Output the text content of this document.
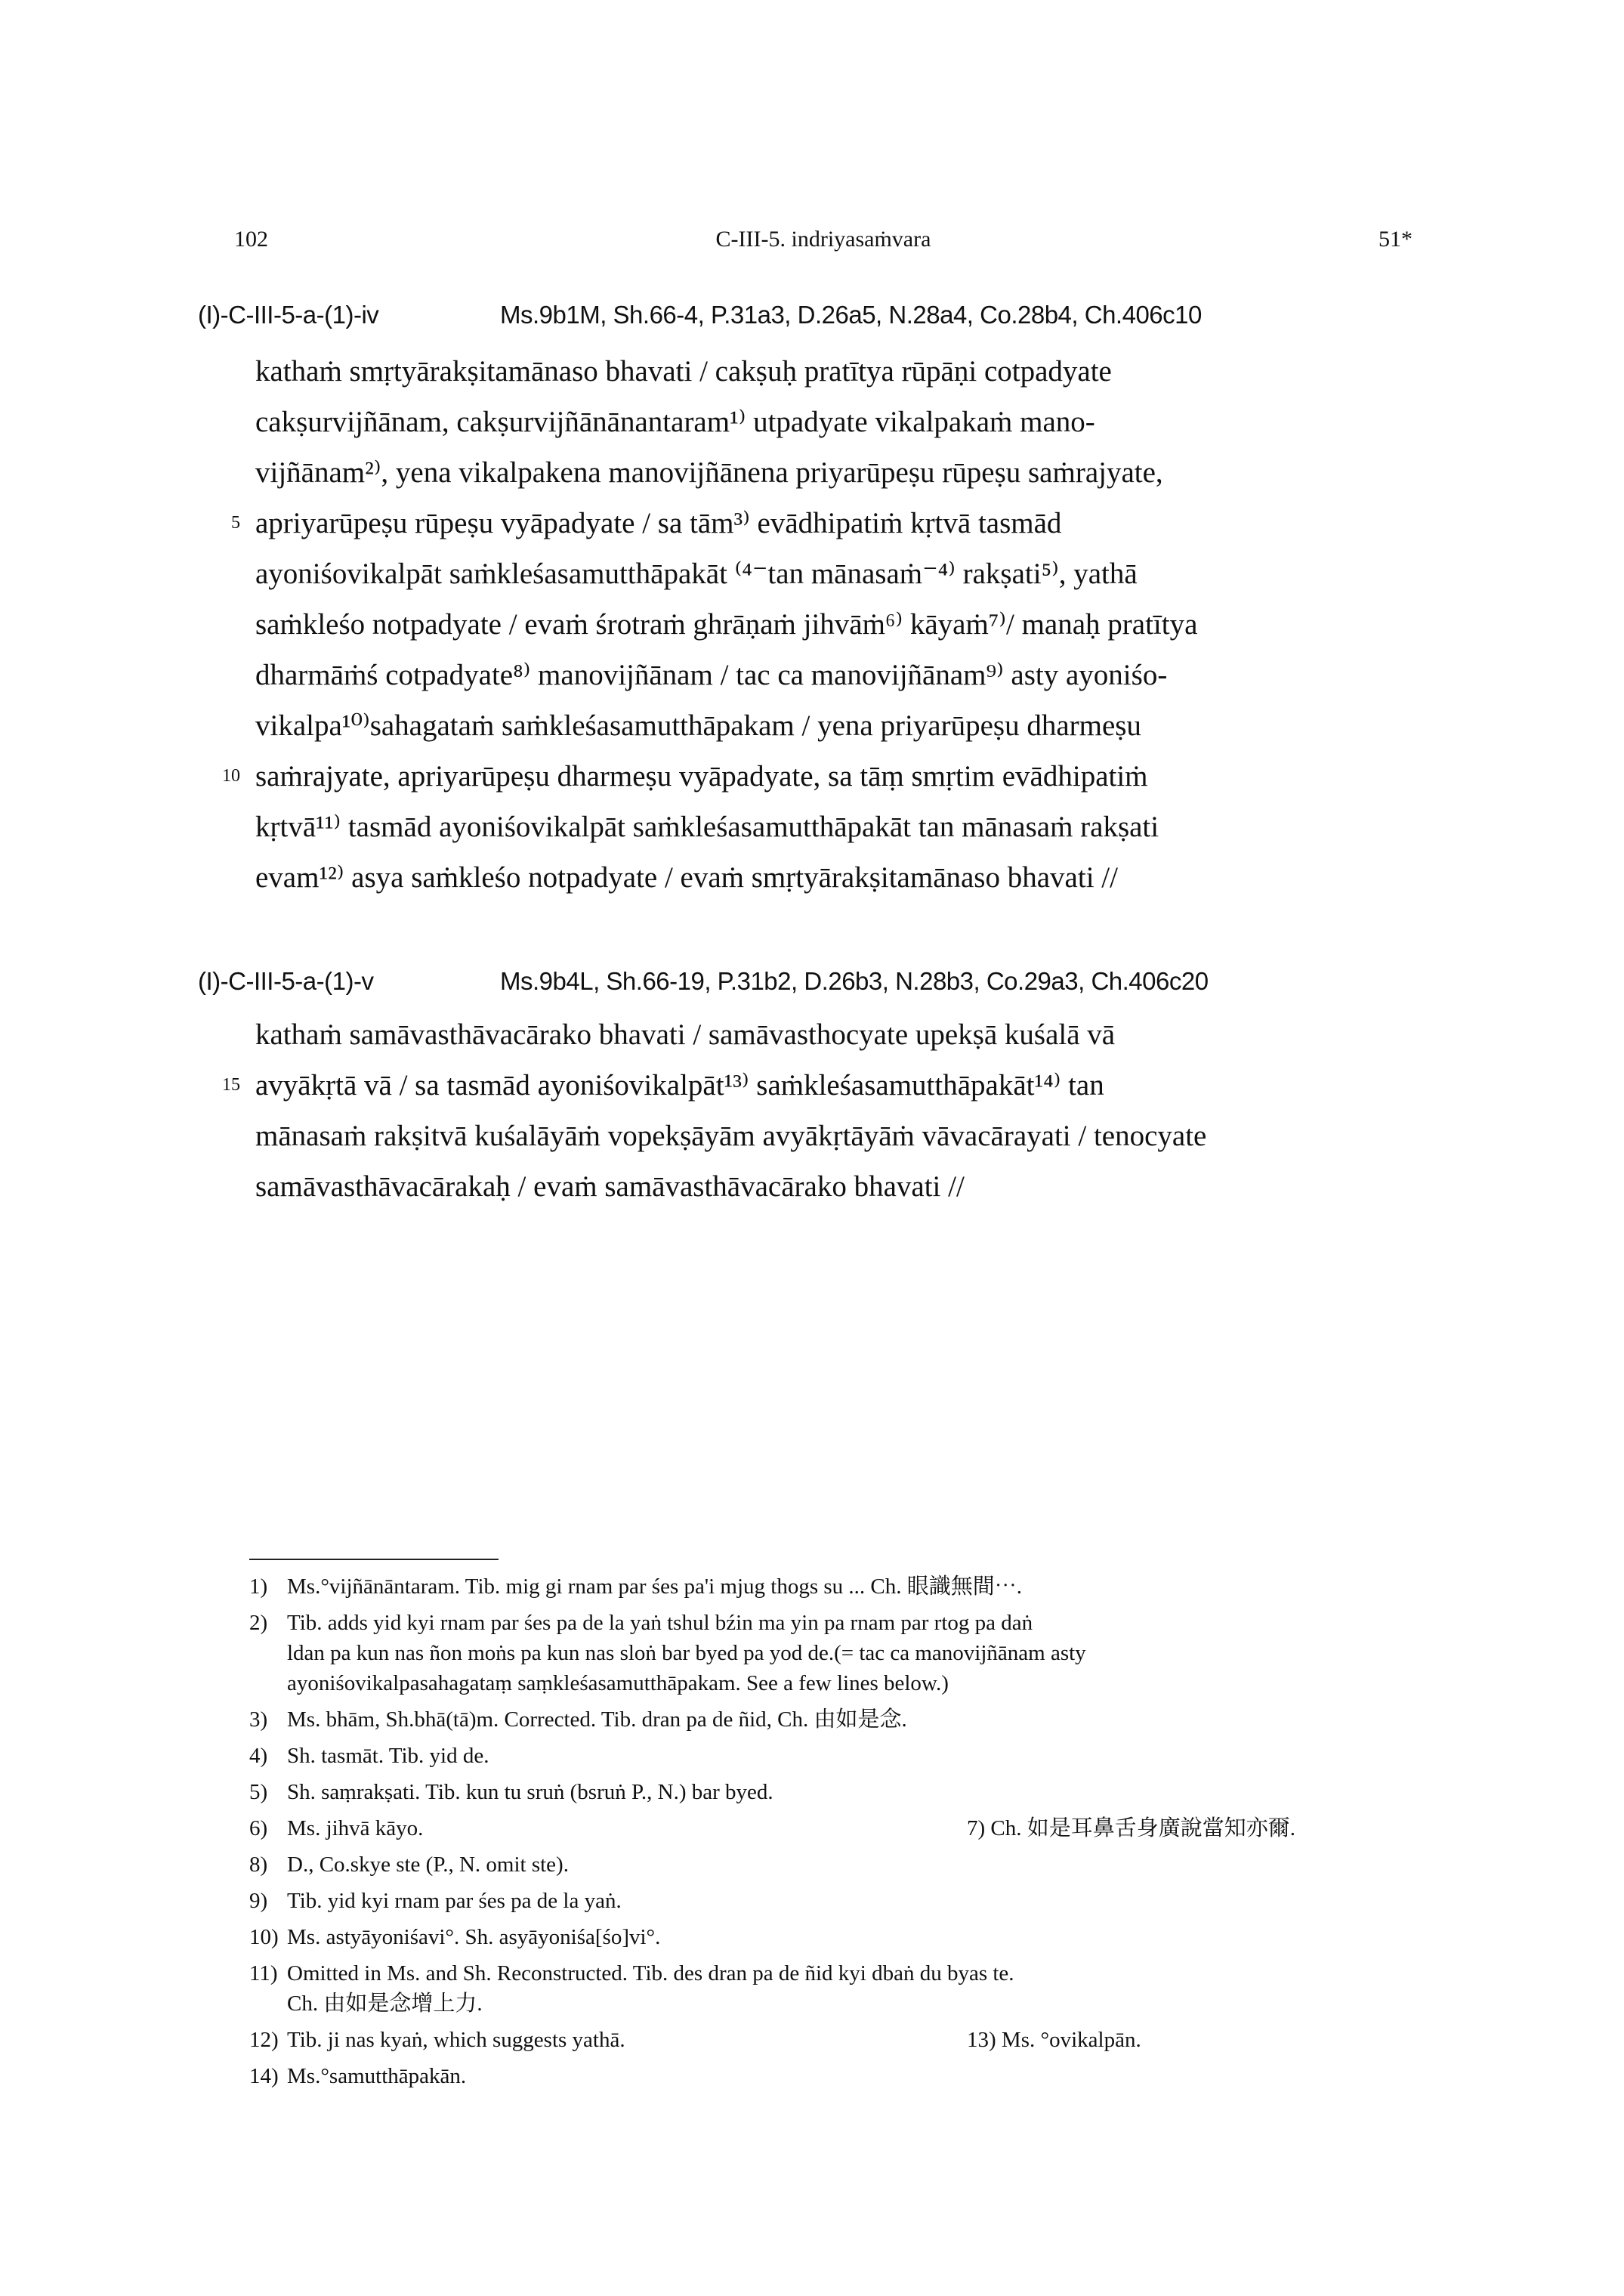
102	C-III-5. indriyasaṁvara	51*
(I)-C-III-5-a-(1)-iv	Ms.9b1M, Sh.66-4, P.31a3, D.26a5, N.28a4, Co.28b4, Ch.406c10
kathaṁ smṛtyārakṣitamānaso bhavati / cakṣuḥ pratītya rūpāṇi cotpadyate
cakṣurvijñānam, cakṣurvijñānānantaram¹⁾ utpadyate vikalpakaṁ mano-
vijñānam²⁾, yena vikalpakena manovijñānena priyarūpeṣu rūpeṣu saṁrajyate,
5 apriyarūpeṣu rūpeṣu vyāpadyate / sa tām³⁾ evādhipatiṁ kṛtvā tasmād
ayoniśovikalpāt saṁkleśasamutthāpakāt ⁽⁴⁻tan mānasaṁ⁻⁴⁾ rakṣati⁵⁾, yathā
saṁkleśo notpadyate / evaṁ śrotraṁ ghrāṇaṁ jihvāṁ⁶⁾ kāyaṁ⁷⁾/ manaḥ pratītya
dharmāṁś cotpadyate⁸⁾ manovijñānam / tac ca manovijñānam⁹⁾ asty ayoniśo-
vikalpa¹⁰⁾sahagataṁ saṁkleśasamutthāpakam / yena priyarūpeṣu dharmeṣu
10 saṁrajyate, apriyarūpeṣu dharmeṣu vyāpadyate, sa tāṃ smṛtim evādhipatiṁ
kṛtvā¹¹⁾ tasmād ayoniśovikalpāt saṁkleśasamutthāpakāt tan mānasaṁ rakṣati
evam¹²⁾ asya saṁkleśo notpadyate / evaṁ smṛtyārakṣitamānaso bhavati //
(I)-C-III-5-a-(1)-v	Ms.9b4L, Sh.66-19, P.31b2, D.26b3, N.28b3, Co.29a3, Ch.406c20
kathaṁ samāvasthāvacārako bhavati / samāvasthocyate upekṣā kuśalā vā
15 avyākṛtā vā / sa tasmād ayoniśovikalpāt¹³⁾ saṁkleśasamutthāpakāt¹⁴⁾ tan
mānasaṁ rakṣitvā kuśalāyāṁ vopekṣāyām avyākṛtāyāṁ vāvacārayati / tenocyate
samāvasthāvacārakaḥ / evaṁ samāvasthāvacārako bhavati //
1) Ms.°vijñānāntaram. Tib. mig gi rnam par śes pa'i mjug thogs su ... Ch. 眼識無間⋯.
2) Tib. adds yid kyi rnam par śes pa de la yaṅ tshul bźin ma yin pa rnam par rtog pa daṅ
ldan pa kun nas ñon moṅs pa kun nas sloṅ bar byed pa yod de.(= tac ca manovijñānam asty
ayoniśovikalpasahagataṃ saṃkleśasamutthāpakam. See a few lines below.)
3) Ms. bhām, Sh.bhā(tā)m. Corrected. Tib. dran pa de ñid, Ch. 由如是念.
4) Sh. tasmāt. Tib. yid de.
5) Sh. saṃrakṣati. Tib. kun tu sruṅ (bsruṅ P., N.) bar byed.
6) Ms. jihvā kāyo.	7) Ch. 如是耳鼻舌身廣說當知亦爾.
8) D., Co.skye ste (P., N. omit ste).
9) Tib. yid kyi rnam par śes pa de la yaṅ.
10) Ms. astyāyoniśavi°. Sh. asyāyoniśa[śo]vi°.
11) Omitted in Ms. and Sh. Reconstructed. Tib. des dran pa de ñid kyi dbaṅ du byas te.
Ch. 由如是念增上力.
12) Tib. ji nas kyaṅ, which suggests yathā.	13) Ms. °ovikalpān.
14) Ms.°samutthāpakān.
